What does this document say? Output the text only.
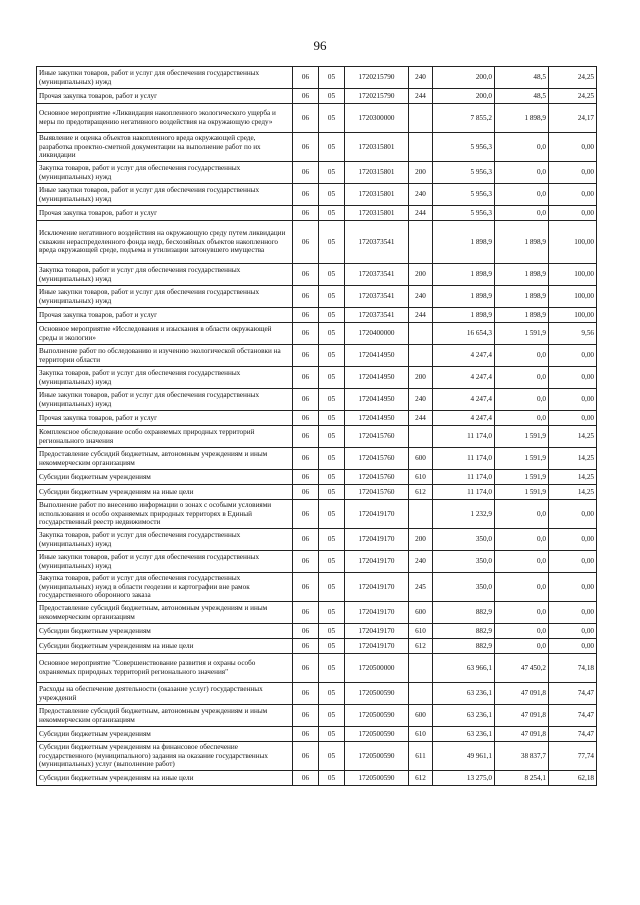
96
Иные закупки товаров, работ и услуг для обеспечения государственных (муниципальных) нужд	06	05	1720215790	240	200,0	48,5	24,25
Прочая закупка товаров, работ и услуг	06	05	1720215790	244	200,0	48,5	24,25
Основное мероприятие «Ликвидация накопленного экологического ущерба и меры по предотвращению негативного воздействия на окружающую среду»	06	05	1720300000		7 855,2	1 898,9	24,17
Выявление и оценка объектов накопленного вреда окружающей среде, разработка проектно-сметной документации на выполнение работ по их ликвидации	06	05	1720315801		5 956,3	0,0	0,00
Закупка товаров, работ и услуг для обеспечения государственных (муниципальных) нужд	06	05	1720315801	200	5 956,3	0,0	0,00
Иные закупки товаров, работ и услуг для обеспечения государственных (муниципальных) нужд	06	05	1720315801	240	5 956,3	0,0	0,00
Прочая закупка товаров, работ и услуг	06	05	1720315801	244	5 956,3	0,0	0,00
Исключение негативного воздействия на окружающую среду путем ликвидации скважин нераспределенного фонда недр, бесхозяйных объектов накопленного вреда окружающей среде, подъема и утилизации затонувшего имущества	06	05	1720373541		1 898,9	1 898,9	100,00
Закупка товаров, работ и услуг для обеспечения государственных (муниципальных) нужд	06	05	1720373541	200	1 898,9	1 898,9	100,00
Иные закупки товаров, работ и услуг для обеспечения государственных (муниципальных) нужд	06	05	1720373541	240	1 898,9	1 898,9	100,00
Прочая закупка товаров, работ и услуг	06	05	1720373541	244	1 898,9	1 898,9	100,00
Основное мероприятие «Исследования и изыскания в области окружающей среды и экологии»	06	05	1720400000		16 654,3	1 591,9	9,56
Выполнение работ по обследованию и изучению экологической обстановки на территории области	06	05	1720414950		4 247,4	0,0	0,00
Закупка товаров, работ и услуг для обеспечения государственных (муниципальных) нужд	06	05	1720414950	200	4 247,4	0,0	0,00
Иные закупки товаров, работ и услуг для обеспечения государственных (муниципальных) нужд	06	05	1720414950	240	4 247,4	0,0	0,00
Прочая закупка товаров, работ и услуг	06	05	1720414950	244	4 247,4	0,0	0,00
Комплексное обследование особо охраняемых природных территорий регионального значения	06	05	1720415760		11 174,0	1 591,9	14,25
Предоставление субсидий бюджетным, автономным учреждениям и иным некоммерческим организациям	06	05	1720415760	600	11 174,0	1 591,9	14,25
Субсидии бюджетным учреждениям	06	05	1720415760	610	11 174,0	1 591,9	14,25
Субсидии бюджетным учреждениям на иные цели	06	05	1720415760	612	11 174,0	1 591,9	14,25
Выполнение работ по внесению информации о зонах с особыми условиями использования и особо охраняемых природных территорях в Единый государственный реестр недвижимости	06	05	1720419170		1 232,9	0,0	0,00
Закупка товаров, работ и услуг для обеспечения государственных (муниципальных) нужд	06	05	1720419170	200	350,0	0,0	0,00
Иные закупки товаров, работ и услуг для обеспечения государственных (муниципальных) нужд	06	05	1720419170	240	350,0	0,0	0,00
Закупка товаров, работ и услуг для обеспечения государственных (муниципальных) нужд в области геодезии и картографии вне рамок государственного оборонного заказа	06	05	1720419170	245	350,0	0,0	0,00
Предоставление субсидий бюджетным, автономным учреждениям и иным некоммерческим организациям	06	05	1720419170	600	882,9	0,0	0,00
Субсидии бюджетным учреждениям	06	05	1720419170	610	882,9	0,0	0,00
Субсидии бюджетным учреждениям на иные цели	06	05	1720419170	612	882,9	0,0	0,00
Основное мероприятие "Совершенствование развития и охраны особо охраняемых природных территорий регионального значения"	06	05	1720500000		63 966,1	47 450,2	74,18
Расходы на обеспечение деятельности (оказание услуг) государственных учреждений	06	05	1720500590		63 236,1	47 091,8	74,47
Предоставление субсидий бюджетным, автономным учреждениям и иным некоммерческим организациям	06	05	1720500590	600	63 236,1	47 091,8	74,47
Субсидии бюджетным учреждениям	06	05	1720500590	610	63 236,1	47 091,8	74,47
Субсидии бюджетным учреждениям на финансовое обеспечение государственного (муниципального) задания на оказание государственных (муниципальных) услуг (выполнение работ)	06	05	1720500590	611	49 961,1	38 837,7	77,74
Субсидии бюджетным учреждениям на иные цели	06	05	1720500590	612	13 275,0	8 254,1	62,18
